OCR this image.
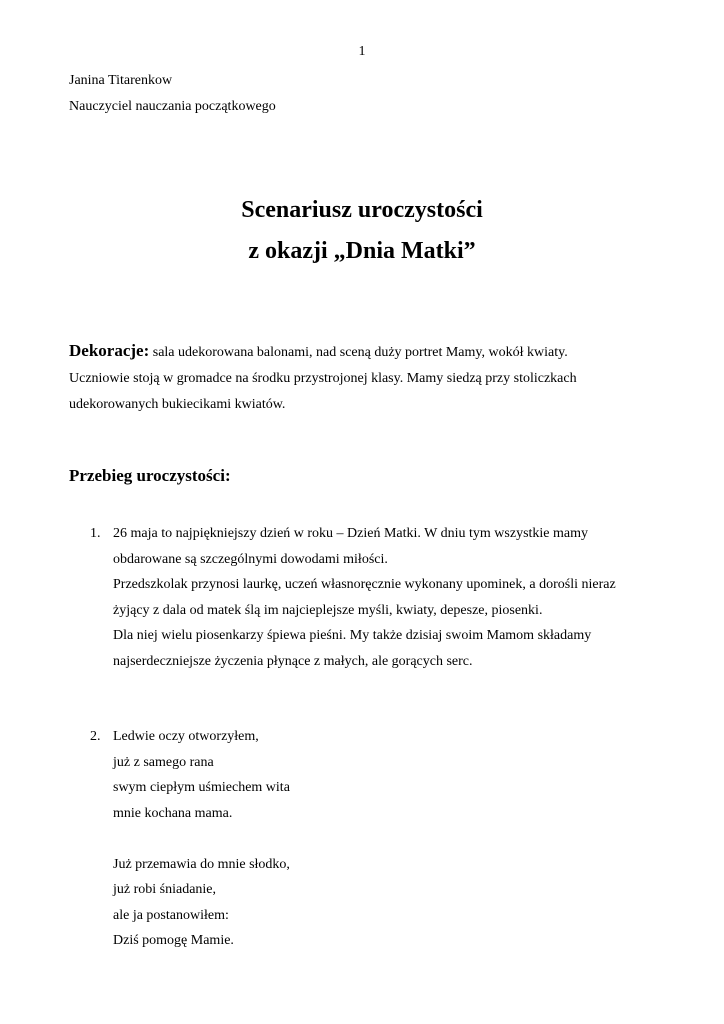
1
Janina Titarenkow
Nauczyciel nauczania początkowego
Scenariusz uroczystości
z okazji „Dnia Matki”
Dekoracje: sala udekorowana balonami, nad sceną duży portret Mamy, wokół kwiaty.
Uczniowie stoją w gromadce na środku przystrojonej klasy. Mamy siedzą przy stoliczkach
udekorowanych bukiecikami kwiatów.
Przebieg uroczystości:
1. 26 maja to najpiękniejszy dzień w roku – Dzień Matki. W dniu tym wszystkie mamy
obdarowane są szczególnymi dowodami miłości.
Przedszkolak przynosi laurkę, uczeń własnoręcznie wykonany upominek, a dorośli nieraz
żyjący z dala od matek ślą im najcieplejsze myśli, kwiaty, depesze, piosenki.
Dla niej wielu piosenkarzy śpiewa pieśni. My także dzisiaj swoim Mamom składamy
najserdeczniejsze życzenia płynące z małych, ale gorących serc.
2. Ledwie oczy otworzyłem,
już z samego rana
swym ciepłym uśmiechem wita
mnie kochana mama.
Już przemawia do mnie słodko,
już robi śniadanie,
ale ja postanowiłem:
Dziś pomogę Mamie.
